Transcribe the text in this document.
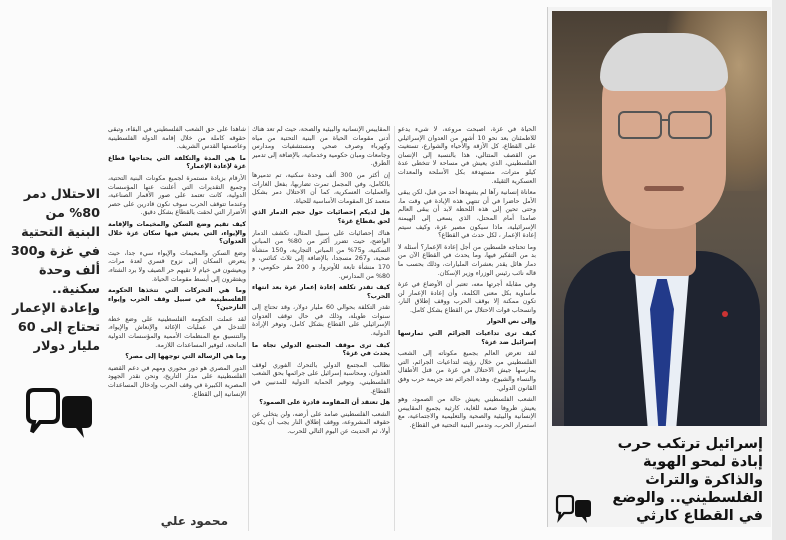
شاهدا على حق الشعب الفلسطيني في البقاء، وتبقى حقوقه كاملة من خلال إقامة الدولة الفلسطينية وعاصمتها القدس الشريف.

ما هي المدة والتكلفة التي يحتاجها قطاع غزة لإعادة الإعمار؟

الأرقام بزيادة مستمرة لجميع مكونات البنية التحتية، وجميع التقديرات التي أعلنت عنها المؤسسات الدولية، كانت تعتمد على صور الأقمار الصناعية، وعندما تتوقف الحرب سوف نكون قادرين على حصر الأضرار التي لحقت بالقطاع بشكل دقيق.

كيف تقيم وضع السكن والمخيمات والإقامة والإيواء، التي يعيش فيها سكان غزة خلال العدوان؟

وضع السكن والمخيمات والإيواء سيء جدا، حيث يتعرض السكان إلى نزوح قسري لعدة مرات، ويعيشون في خيام لا تقيهم حر الصيف ولا برد الشتاء، ويفتقرون إلى أبسط مقومات الحياة.

وما هي التحركات التي تتخذها الحكومة الفلسطينية في سبيل وقف الحرب وإيواء النازحين؟

لقد عملت الحكومة الفلسطينية على وضع خطة للتدخل في عمليات الإغاثة والإنعاش والإيواء، والتنسيق مع المنظمات الأممية والمؤسسات الدولية المانحة، لتوفير المساعدات اللازمة.

وما هي الرسالة التي توجهها إلى مصر؟

الدور المصري هو دور محوري ومهم في دعم القضية الفلسطينية على مدار التاريخ، ونحن نقدر الجهود المصرية الكبيرة في وقف الحرب وإدخال المساعدات الإنسانية إلى القطاع.

المقاييس الإنسانية والبيئية والصحة، حيث لم تعد هناك أدنى مقومات الحياة من البنية التحتية من مياه وكهرباء وصرف صحي ومستشفيات ومدارس وجامعات ومبان حكومية وخدماتية، بالإضافة إلى تدمير الطرق.

إن أكثر من 300 ألف وحدة سكنية، تم تدميرها بالكامل، وفي المجمل تمرت تضاربها، بفعل الغارات والعمليات العسكرية، كما أن الاحتلال دمر بشكل متعمد كل المقومات الأساسية للحياة.

هل لديكم إحصائيات حول حجم الدمار الذي لحق بقطاع غزة؟

هناك إحصائيات على سبيل المثال، تكشف الدمار الواضح، حيث تضرر أكثر من 80% من المباني السكنية، و75% من المباني التجارية، و150 منشأة صحية، و267 مسجدا، بالإضافة إلى ثلاث كنائس، و 170 منشأة تابعة للأونروا، و 200 مقر حكومي، و 80% من المدارس.

كيف تقدر تكلفة إعادة إعمار غزة بعد انتهاء الحرب؟

تقدر التكلفة بحوالي 60 مليار دولار، وقد تحتاج إلى سنوات طويلة، وذلك في حال توقف العدوان الإسرائيلي على القطاع بشكل كامل، وتوفر الإرادة الدولية.

كيف ترى موقف المجتمع الدولي تجاه ما يحدث في غزة؟

نطالب المجتمع الدولي بالتحرك الفوري لوقف العدوان، ومحاسبة إسرائيل على جرائمها بحق الشعب الفلسطيني، وتوفير الحماية الدولية للمدنيين في القطاع.

هل تعتقد أن المقاومة قادرة على الصمود؟

الشعب الفلسطيني صامد على أرضه، ولن يتخلى عن حقوقه المشروعة، ووقف إطلاق النار يجب أن يكون أولا، ثم الحديث عن اليوم التالي للحرب.

الحياة في غزة، أصبحت مروعة، لا شيء يدعو للاطمئنان بعد نحو 10 أشهر من العدوان الإسرائيلي على القطاع، كل الأزقة والأحياء والشوارع، تستغيث من القصف المتتالي، هذا بالنسبة إلى الإنسان الفلسطيني، الذي يعيش في مساحة لا تتخطى عدة كيلو مترات، مستهدفة بكل الأسلحة والمعدات العسكرية الثقيلة.

معاناة إنسانية رآها لم يشهدها أحد من قبل، لكن يبقى الأمل حاضرا في أن تنتهي هذه الإبادة في وقت ما، وحتى تحين إلى هذه اللحظة لابد أن يبقى العالم صامدا أمام المحتل، الذي يسعى إلى الهيمنة الإسرائيلية، ماذا سيكون مصير غزة، وكيف سيتم إعادة الإعمار ، لكل حدث في القطاع؟

وما تحتاجه فلسطين من أجل إعادة الإعمار؟ أسئلة لا بد من التفكير فيها، وما يحدث في القطاع الآن من دمار هائل يقدر بعشرات المليارات، وذلك بحسب ما قاله نائب رئيس الوزراء وزير الإسكان.

وفي مقابلة أجرتها معه، تعتبر أن الأوضاع في غزة مأساوية بكل معنى الكلمة، وأن إعادة الإعمار لن تكون ممكنة إلا بوقف الحرب ووقف إطلاق النار، وانسحاب قوات الاحتلال من القطاع بشكل كامل.

وإلى نص الحوار

كيف ترى تداعيات الجرائم التي تمارسها إسرائيل ضد غزة؟

لقد تعرض العالم بجميع مكوناته إلى الشعب الفلسطيني من خلال رؤيته لتداعيات الجرائم، التي يمارسها جيش الاحتلال في غزة من قتل الأطفال والنساء والشيوخ، وهذه الجرائم تعد جريمة حرب وفق القانون الدولي.

الشعب الفلسطيني يعيش حالة من الصمود، وهو يعيش ظروفا صعبة للغاية، كارثية بجميع المقاييس الإنسانية والبيئية والصحية والتعليمية والاجتماعية، مع استمرار الحرب، وتدمير البنية التحتية في القطاع.

الاحتلال دمر 80% من البنية التحتية في غزة و300 ألف وحدة سكنية.. وإعادة الإعمار تحتاج إلى 60 مليار دولار
محمود علي
إسرائيل ترتكب حرب إبادة لمحو الهوية والذاكرة والتراث الفلسطيني.. والوضع في القطاع كارثي
